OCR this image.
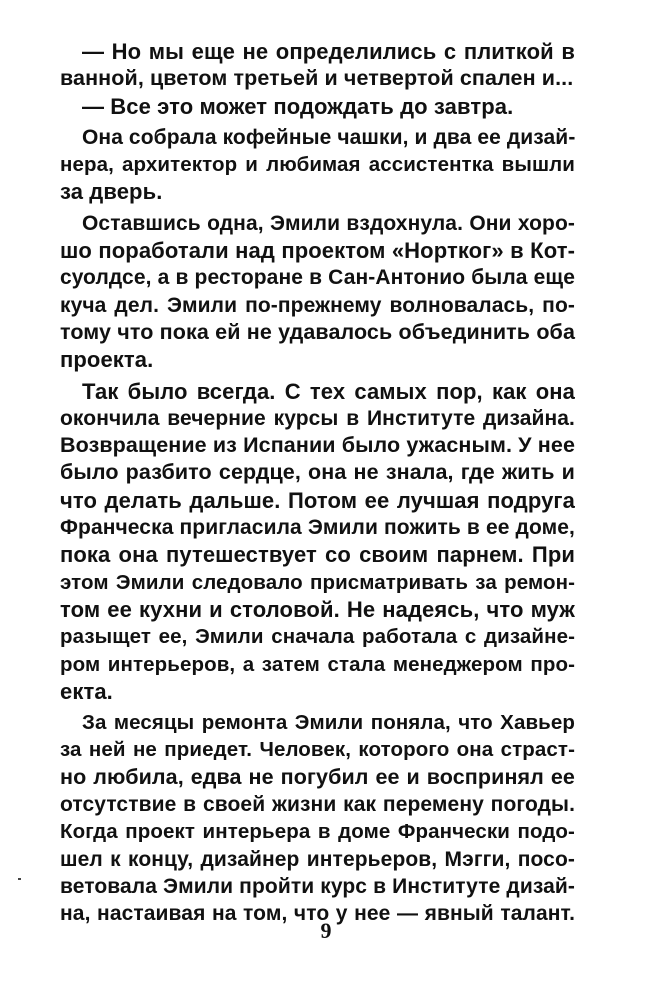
— Но мы еще не определились с плиткой в
ванной, цветом третьей и четвертой спален и...
— Все это может подождать до завтра.
Она собрала кофейные чашки, и два ее дизай-
нера, архитектор и любимая ассистентка вышли
за дверь.
Оставшись одна, Эмили вздохнула. Они хоро-
шо поработали над проектом «Нортког» в Кот-
суолдсе, а в ресторане в Сан-Антонио была еще
куча дел. Эмили по-прежнему волновалась, по-
тому что пока ей не удавалось объединить оба
проекта.
Так было всегда. С тех самых пор, как она
окончила вечерние курсы в Институте дизайна.
Возвращение из Испании было ужасным. У нее
было разбито сердце, она не знала, где жить и
что делать дальше. Потом ее лучшая подруга
Франческа пригласила Эмили пожить в ее доме,
пока она путешествует со своим парнем. При
этом Эмили следовало присматривать за ремон-
том ее кухни и столовой. Не надеясь, что муж
разыщет ее, Эмили сначала работала с дизайне-
ром интерьеров, а затем стала менеджером про-
екта.
За месяцы ремонта Эмили поняла, что Хавьер
за ней не приедет. Человек, которого она страст-
но любила, едва не погубил ее и воспринял ее
отсутствие в своей жизни как перемену погоды.
Когда проект интерьера в доме Франчески подо-
шел к концу, дизайнер интерьеров, Мэгги, посо-
ветовала Эмили пройти курс в Институте дизай-
на, настаивая на том, что у нее — явный талант.
9
